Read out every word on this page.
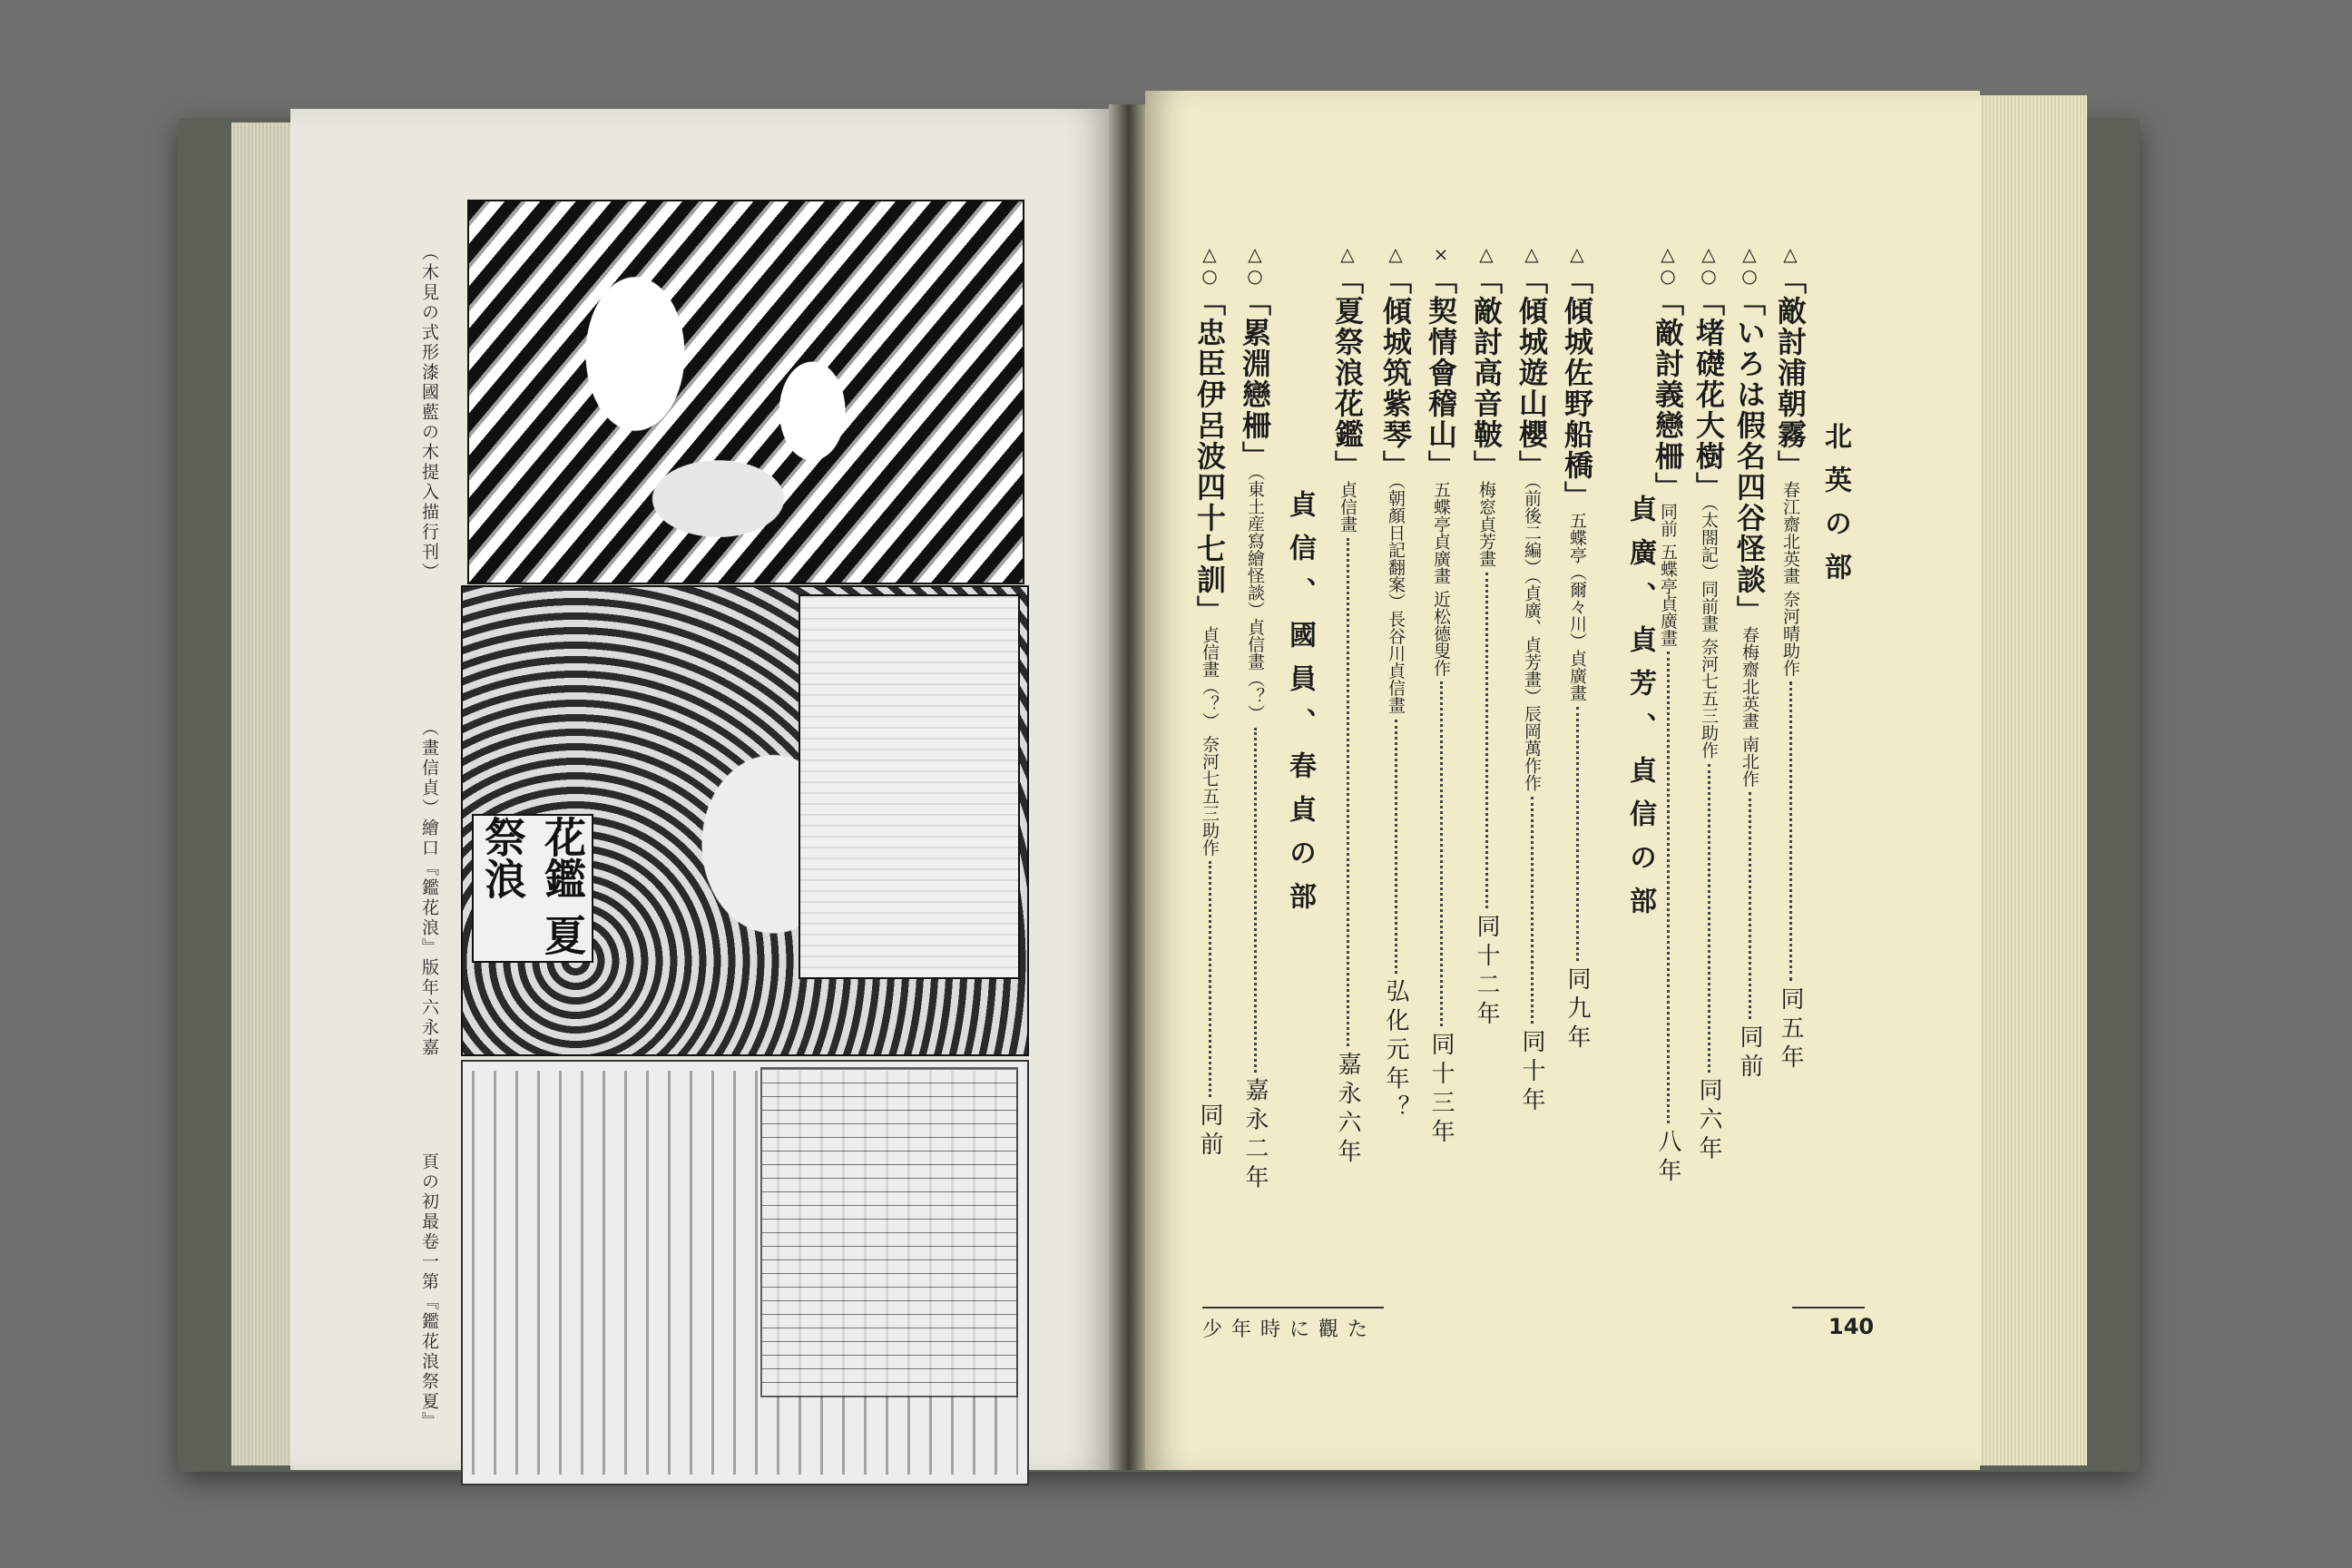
（木見の式形漆國藍の木提入描行刊）
（畫信貞）繪口『鑑花浪』版年六永嘉
頁の初最卷一第『鑑花浪祭夏』
花鑑 夏祭浪
北英の部
貞廣、貞芳、貞信の部
貞信、國員、春貞の部
△「敵討浦朝霧」春江齋北英畫 奈河晴助作同五年
△○「いろは假名四谷怪談」春梅齋北英畫 南北作同前
△○「堵礎花大樹」（太閤記）同前畫 奈河七五三助作同六年
△○「敵討義戀柵」同前 五蝶亭貞廣畫八年
△「傾城佐野船橋」五蝶亭（爾々川）貞廣畫同九年
△「傾城遊山櫻」（前後二編）（貞廣、貞芳畫）辰岡萬作作同十年
△「敵討高音鞁」梅窓貞芳畫同十二年
×「契情會稽山」五蝶亭貞廣畫 近松德叟作同十三年
△「傾城筑紫琴」（朝顏日記翻案）長谷川貞信畫弘化元年？
△「夏祭浪花鑑」貞信畫嘉永六年
△○「累淵戀柵」（東土産寫繪怪談）貞信畫（？）嘉永二年
△○「忠臣伊呂波四十七訓」貞信畫（？） 奈河七五三助作同前
少年時に觀た	140
